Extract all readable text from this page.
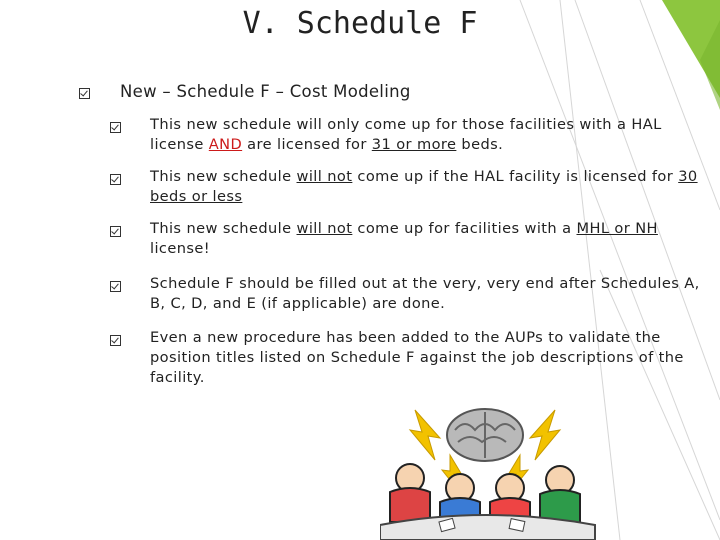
V. Schedule F
New – Schedule F – Cost Modeling
This new schedule will only come up for those facilities with a HAL license AND are licensed for 31 or more beds.
This new schedule will not come up if the HAL facility is licensed for 30 beds or less
This new schedule will not come up for facilities with a MHL or NH license!
Schedule F should be filled out at the very, very end after Schedules A, B, C, D, and E (if applicable) are done.
Even a new procedure has been added to the AUPs to validate the position titles listed on Schedule F against the job descriptions of the facility.
